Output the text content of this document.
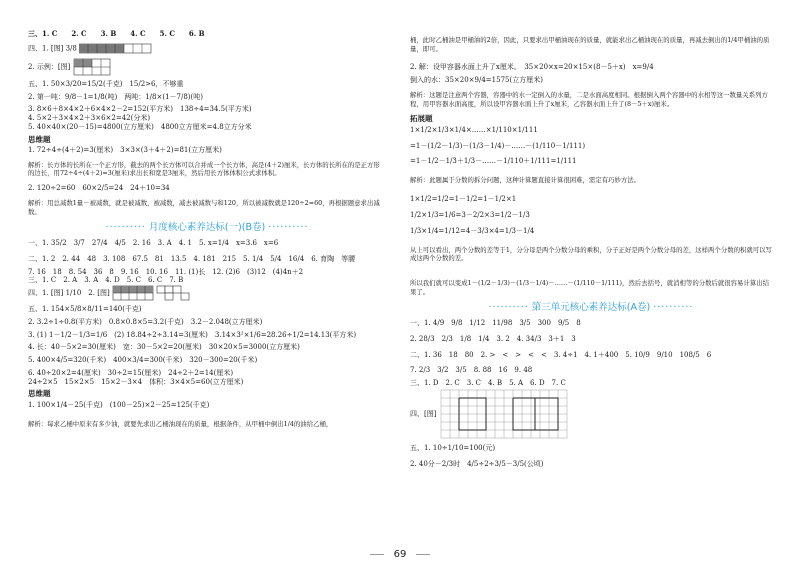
三、1. C　　2. C　　3. B　　4. C　　5. C　　6. B

四、1. [图] 3/8
2. 示例：[图]

五、1. 50×3/20=15/2(千克)　15/2>6，不够重

2. 第一吨：9/8－1=1/8(吨)　两吨：1/8×(1－7/8)(吨)

3. 8×6＋8×4×2＋6×4×2－2=152(平方米)　138÷4=34.5(平方米)

4. 5×2＋3×4×2＋3×6×2=42(分米)

5. 40×40×(20－15)=4800(立方厘米)　4800立方厘米=4.8立方分米

思维题

1. 72÷4÷(4＋2)=3(厘米)　3×3×(3＋4＋2)=81(立方厘米)

解析：长方体的长所在一个正方形，截去的两个长方体可以合并成一个长方体，高是(4＋2)厘米，长方体的长所在的是正方形的边长，用72÷4÷(4＋2)=3(厘米)求出长和宽是3厘米，然后用长方体体积公式求体积。

2. 120÷2=60　60×2/5=24　24＋10=34

解析：用总减数1量－被减数，就是被减数，被减数，减去被减数与和120，所以被减数就是120÷2=60，再根据题意求出减数。

·········· 月度核心素养达标(一)(B卷) ··········

一、1. 35/2　3/7　27/4　4/5　2. 16　3. A　4. 1　5. x=1/4　x=3.6　x=6

二、1. 2　2. 44　48　3. 108　67.5　81　13.5　4. 181　215　5. 1/4　5/4　16/4　6. 育陶　等腰

7. 16　18　8. 54　36　8　9. 16　10. 16　11. (1)长　12. (2)6　(3)12　(4)4n＋2

三、1. C　2. A　3. A　4. D　5. C　6. C　7. B

四、1. [图] 1/10　2. [图]

五、1. 154×5/8×8/11=140(千克)

2. 3.2÷1÷0.8(平方米)　0.8×0.8×5=3.2(千克)　3.2－2.048(立方厘米)

3. (1) 1－1/2－1/3=1/6　(2) 18.84÷2÷3.14=3(厘米)　3.14×3²×1/6=28.26÷1/2=14.13(平方米)

4. 长：40－5×2=30(厘米)　宽：30－5×2=20(厘米)　30×20×5=3000(立方厘米)

5. 400×4/5=320(千米)　400×3/4=300(千米)　320－300=20(千米)

6. 40÷20×2=4(厘米)　30÷2=15(厘米)　24÷2＋2=14(厘米)

24÷2×5　15×2×5　15×2－3×4　体积：3×4×5=60(立方厘米)

思维题

1. 100×1/4－25(千克)　(100－25)×2－25=125(千克)

解析：每求乙桶中原来有多少油，就要先求出乙桶油现在的质量，根据条件，从甲桶中倒出1/4的油给乙桶，

桶，此时乙桶油是甲桶油的2倍，因此，只要求出甲桶油现在的质量，就能求出乙桶油现在的质量，再减去倒出的1/4甲桶油的质量，即可。

2. 解：设甲容器水面上升了x厘米。　35×20×x=20×15×(8－5＋x)　x=9/4

倒入的水：35×20×9/4=1575(立方厘米)

解析：这题是注意两个容器，容器中的水一定倒入的水量，二是水面高度相同。根据倒入两个容器中的水相等这一数量关系列方程，用甲容器水面高度，所以设甲容器水面上升了x厘米，乙容器水面上升了(8－5＋x)厘米。

拓展题

1×1/2×1/3×1/4×……×1/110×1/111

=1－(1/2－1/3)－(1/3－1/4)－……－(1/110－1/111)

=1－1/2－1/3＋1/3－……－1/110＋1/111=1/111

解析：此题属于分数的拆分问题，这种计算题直接计算很困难，需定有巧妙方法。

1×1/2=1/2=1－1/2=1－1/2×1

1/2×1/3=1/6=3－2/2×3=1/2－1/3

1/3×1/4=1/12=4－3/3×4=1/3－1/4

从上可以看出，两个分数的差等于1，分分母是两个分数分母的乘积，分子正好是两个分数分母的差，这样两个分数的积就可以写成这两个分数的差。

所以我们就可以变成1－(1/2－1/3)－(1/3－1/4)－……－(1/110－1/111)，然后去括号，就消相等的分数后就很容易计算出结果了。

·········· 第三单元核心素养达标(A卷) ··········

一、1. 4/9　9/8　1/12　11/98　3/5　300　9/5　8

2. 28/3　2/3　1/8　1/4　3. 2　4. 34/3　3＋1　3

二、1. 36　18　80　2. >　<　>　<　<　3. 4÷1　4. 1＋400　5. 10/9　9/10　108/5　6

7. 2/3　3/2　3/5　8. 88　16　9. 48

三、1. D　2. C　3. C　4. B　5. A　6. D　7. C

四、[图]

五、1. 10÷1/10=100(元)

2. 40分－2/3时　4/5÷2÷3/5－3/5(公顷)

69
